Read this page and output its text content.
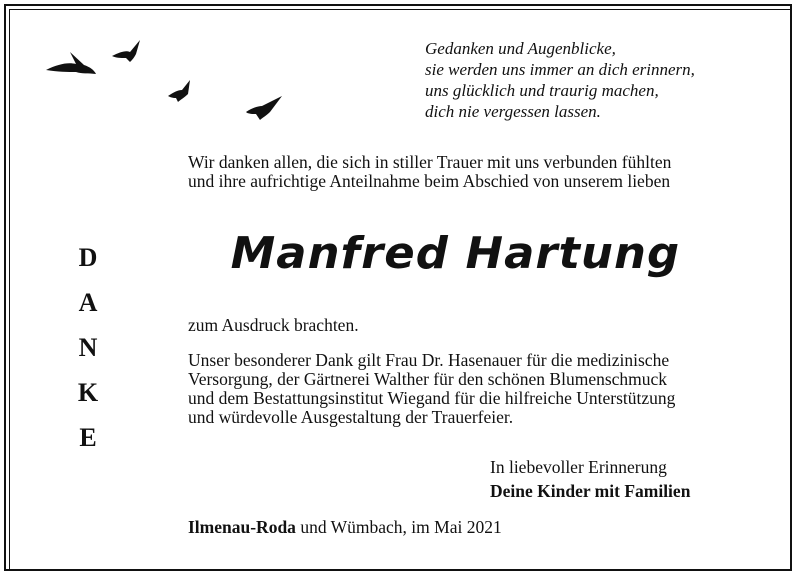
Gedanken und Augenblicke,
sie werden uns immer an dich erinnern,
uns glücklich und traurig machen,
dich nie vergessen lassen.
D
A
N
K
E
Wir danken allen, die sich in stiller Trauer mit uns verbunden fühlten
und ihre aufrichtige Anteilnahme beim Abschied von unserem lieben
Manfred Hartung
zum Ausdruck brachten.
Unser besonderer Dank gilt Frau Dr. Hasenauer für die medizinische
Versorgung, der Gärtnerei Walther für den schönen Blumenschmuck
und dem Bestattungsinstitut Wiegand für die hilfreiche Unterstützung
und würdevolle Ausgestaltung der Trauerfeier.
In liebevoller Erinnerung
Deine Kinder mit Familien
Ilmenau-Roda und Wümbach, im Mai 2021
